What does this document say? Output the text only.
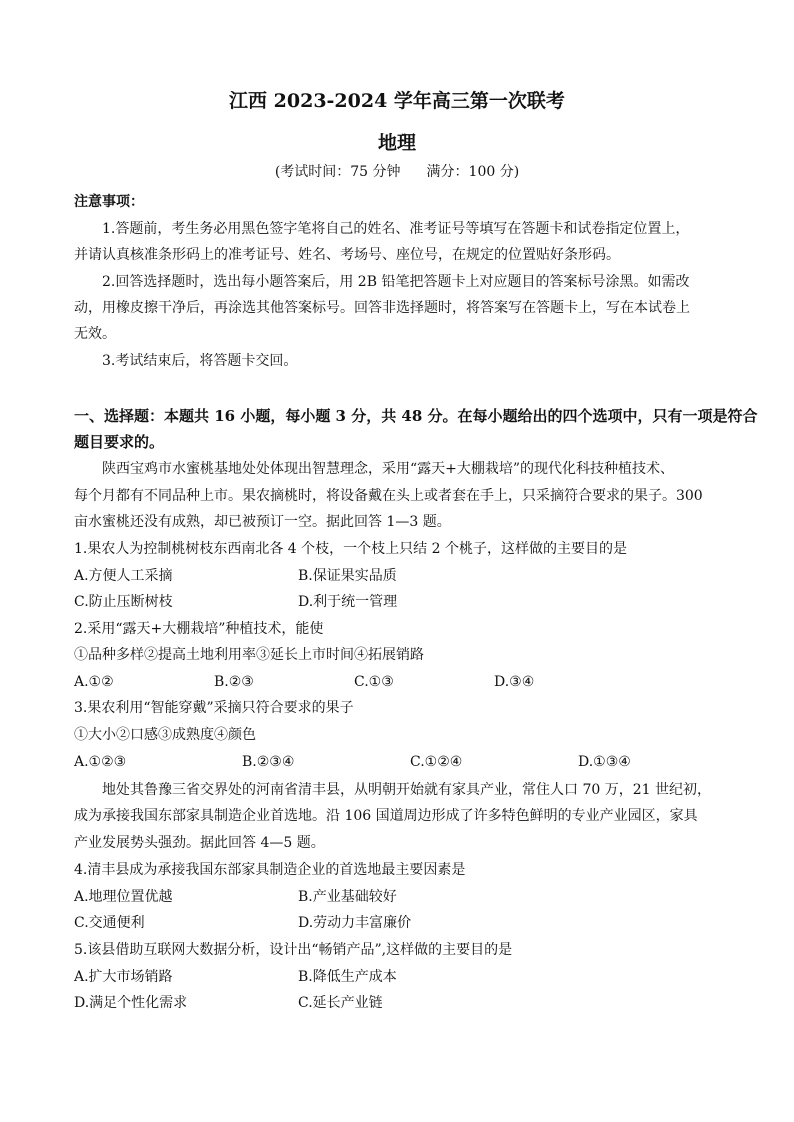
江西 2023-2024 学年高三第一次联考
地理
(考试时间：75 分钟 满分：100 分)
注意事项：
1.答题前，考生务必用黑色签字笔将自己的姓名、准考证号等填写在答题卡和试卷指定位置上，
并请认真核准条形码上的准考证号、姓名、考场号、座位号，在规定的位置贴好条形码。
2.回答选择题时，选出每小题答案后，用 2B 铅笔把答题卡上对应题目的答案标号涂黑。如需改
动，用橡皮擦干净后，再涂选其他答案标号。回答非选择题时，将答案写在答题卡上，写在本试卷上
无效。
3.考试结束后，将答题卡交回。
一、选择题：本题共 16 小题，每小题 3 分，共 48 分。在每小题给出的四个选项中，只有一项是符合
题目要求的。
陕西宝鸡市水蜜桃基地处处体现出智慧理念，采用“露天+大棚栽培”的现代化科技种植技术、
每个月都有不同品种上市。果农摘桃时，将设备戴在头上或者套在手上，只采摘符合要求的果子。300
亩水蜜桃还没有成熟，却已被预订一空。据此回答 1—3 题。
1.果农人为控制桃树枝东西南北各 4 个枝，一个枝上只结 2 个桃子，这样做的主要目的是
A.方便人工采摘	B.保证果实品质
C.防止压断树枝	D.利于统一管理
2.采用“露天+大棚栽培”种植技术，能使
①品种多样②提高土地利用率③延长上市时间④拓展销路
A.①②	B.②③	C.①③	D.③④
3.果农利用“智能穿戴”采摘只符合要求的果子
①大小②口感③成熟度④颜色
A.①②③	B.②③④	C.①②④	D.①③④
地处其鲁豫三省交界处的河南省清丰县，从明朝开始就有家具产业，常住人口 70 万，21 世纪初，
成为承接我国东部家具制造企业首选地。沿 106 国道周边形成了许多特色鲜明的专业产业园区，家具
产业发展势头强劲。据此回答 4—5 题。
4.清丰县成为承接我国东部家具制造企业的首选地最主要因素是
A.地理位置优越	B.产业基础较好
C.交通便利	D.劳动力丰富廉价
5.该县借助互联网大数据分析，设计出“畅销产品”,这样做的主要目的是
A.扩大市场销路	B.降低生产成本
D.满足个性化需求	C.延长产业链
